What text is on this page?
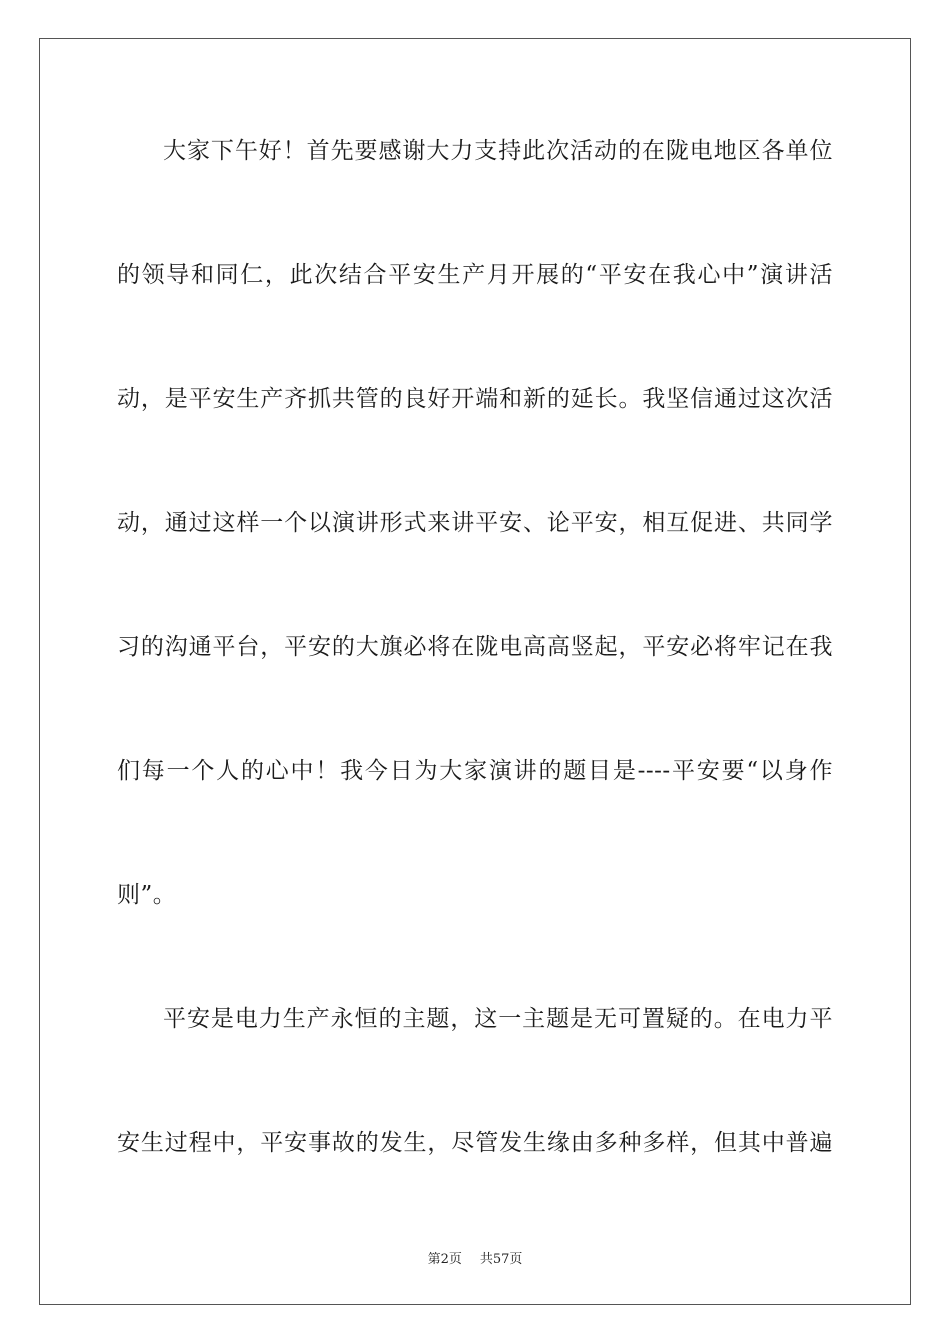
大家下午好！首先要感谢大力支持此次活动的在陇电地区各单位
的领导和同仁，此次结合平安生产月开展的“平安在我心中”演讲活
动，是平安生产齐抓共管的良好开端和新的延长。我坚信通过这次活
动，通过这样一个以演讲形式来讲平安、论平安，相互促进、共同学
习的沟通平台，平安的大旗必将在陇电高高竖起，平安必将牢记在我
们每一个人的心中！我今日为大家演讲的题目是----平安要“以身作
则”。
平安是电力生产永恒的主题，这一主题是无可置疑的。在电力平
安生过程中，平安事故的发生，尽管发生缘由多种多样，但其中普遍
第2页 共57页
